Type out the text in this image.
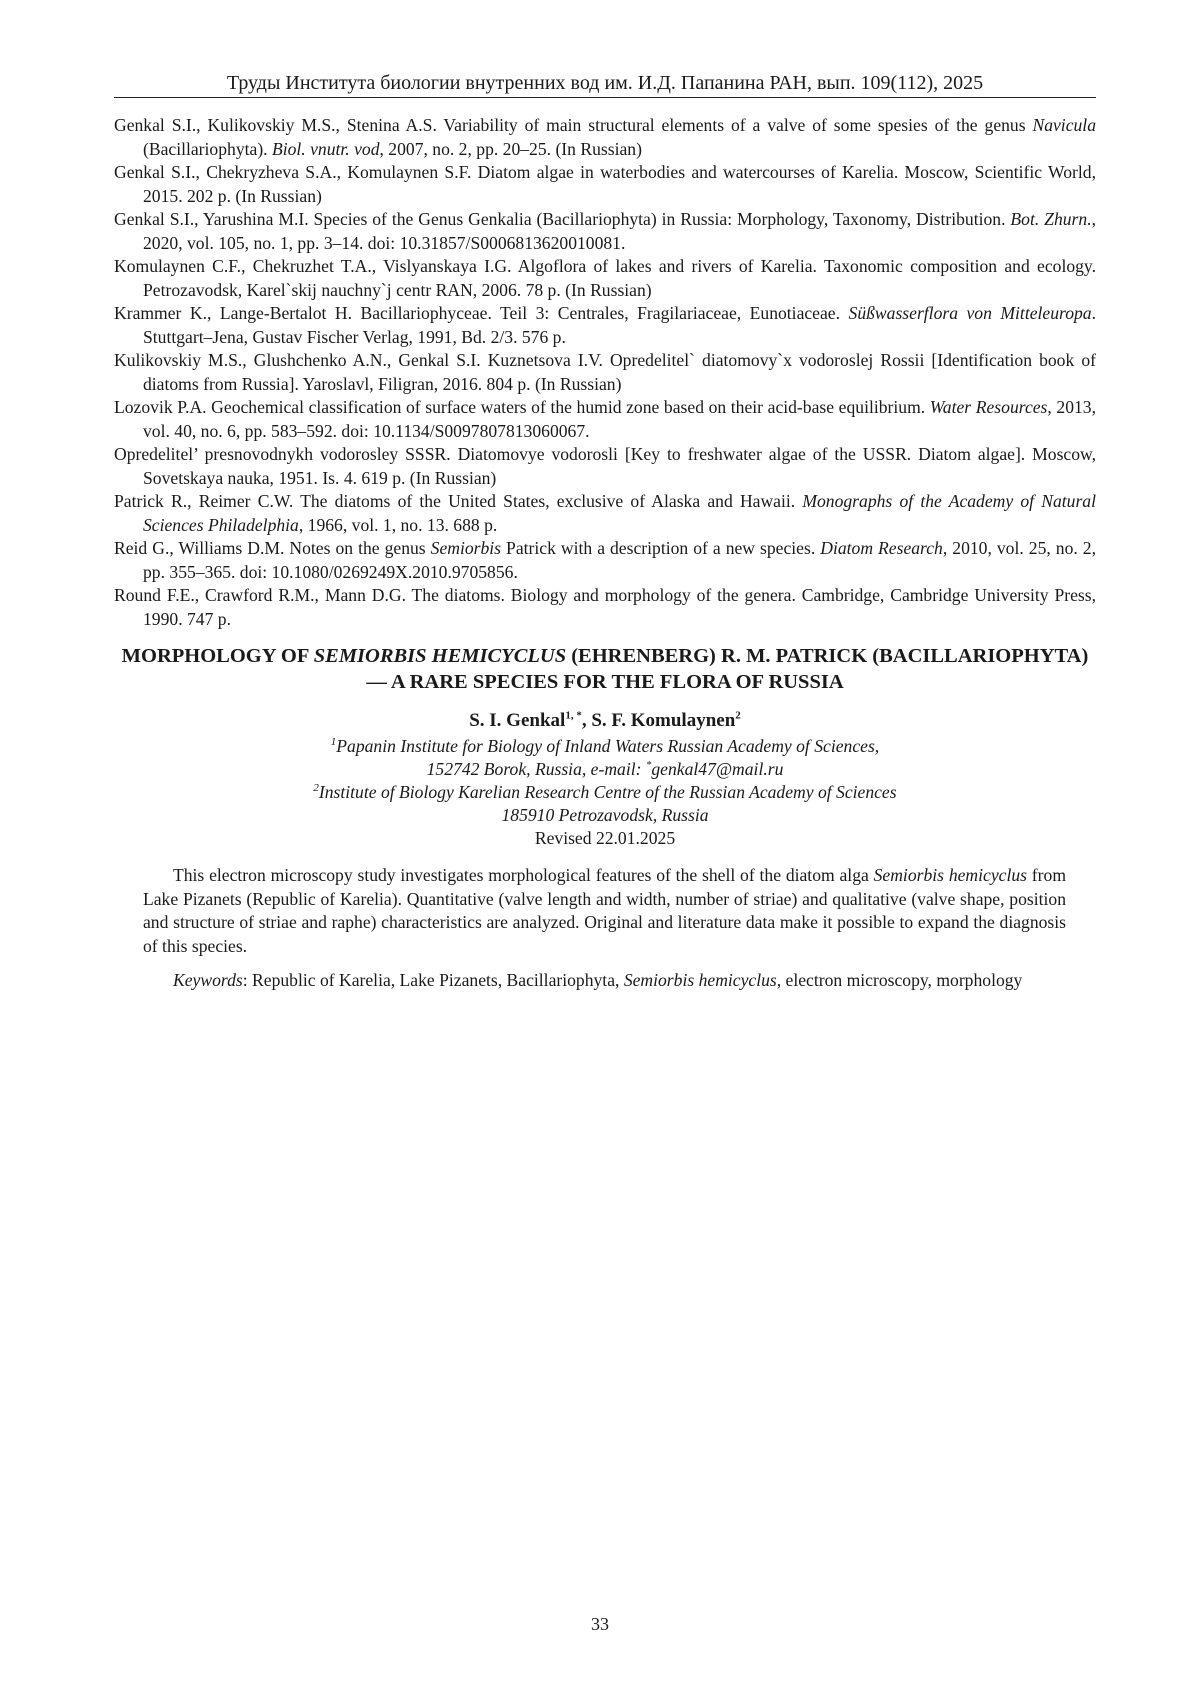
Труды Института биологии внутренних вод им. И.Д. Папанина РАН, вып. 109(112), 2025

Genkal S.I., Kulikovskiy M.S., Stenina A.S. Variability of main structural elements of a valve of some spesies of the genus Navicula (Bacillariophyta). Biol. vnutr. vod, 2007, no. 2, pp. 20–25. (In Russian)

Genkal S.I., Chekryzheva S.A., Komulaynen S.F. Diatom algae in waterbodies and watercourses of Karelia. Moscow, Scientific World, 2015. 202 p. (In Russian)

Genkal S.I., Yarushina M.I. Species of the Genus Genkalia (Bacillariophyta) in Russia: Morphology, Taxonomy, Distribution. Bot. Zhurn., 2020, vol. 105, no. 1, pp. 3–14. doi: 10.31857/S0006813620010081.

Komulaynen C.F., Chekruzhet T.A., Vislyanskaya I.G. Algoflora of lakes and rivers of Karelia. Taxonomic composition and ecology. Petrozavodsk, Karel`skij nauchny`j centr RAN, 2006. 78 p. (In Russian)

Krammer K., Lange-Bertalot H. Bacillariophyceae. Teil 3: Centrales, Fragilariaceae, Eunotiaceae. Süßwasserflora von Mitteleuropa. Stuttgart–Jena, Gustav Fischer Verlag, 1991, Bd. 2/3. 576 p.

Kulikovskiy M.S., Glushchenko A.N., Genkal S.I. Kuznetsova I.V. Opredelitel` diatomovy`x vodoroslej Rossii [Identification book of diatoms from Russia]. Yaroslavl, Filigran, 2016. 804 p. (In Russian)

Lozovik P.A. Geochemical classification of surface waters of the humid zone based on their acid-base equilibrium. Water Resources, 2013, vol. 40, no. 6, pp. 583–592. doi: 10.1134/S0097807813060067.

Opredelitel’ presnovodnykh vodorosley SSSR. Diatomovye vodorosli [Key to freshwater algae of the USSR. Diatom algae]. Moscow, Sovetskaya nauka, 1951. Is. 4. 619 p. (In Russian)

Patrick R., Reimer C.W. The diatoms of the United States, exclusive of Alaska and Hawaii. Monographs of the Academy of Natural Sciences Philadelphia, 1966, vol. 1, no. 13. 688 p.

Reid G., Williams D.M. Notes on the genus Semiorbis Patrick with a description of a new species. Diatom Research, 2010, vol. 25, no. 2, pp. 355–365. doi: 10.1080/0269249X.2010.9705856.

Round F.E., Crawford R.M., Mann D.G. The diatoms. Biology and morphology of the genera. Cambridge, Cambridge University Press, 1990. 747 p.

MORPHOLOGY OF SEMIORBIS HEMICYCLUS (EHRENBERG) R. M. PATRICK (BACILLARIOPHYTA) — A RARE SPECIES FOR THE FLORA OF RUSSIA
S. I. Genkal$^{1, *}$, S. F. Komulaynen$^2$
$^1$Papanin Institute for Biology of Inland Waters Russian Academy of Sciences,
152742 Borok, Russia, e-mail: *genkal47@mail.ru
$^2$Institute of Biology Karelian Research Centre of the Russian Academy of Sciences
185910 Petrozavodsk, Russia
Revised 22.01.2025

This electron microscopy study investigates morphological features of the shell of the diatom alga Semiorbis hemicyclus from Lake Pizanets (Republic of Karelia). Quantitative (valve length and width, number of striae) and qualitative (valve shape, position and structure of striae and raphe) characteristics are analyzed. Original and literature data make it possible to expand the diagnosis of this species.

Keywords: Republic of Karelia, Lake Pizanets, Bacillariophyta, Semiorbis hemicyclus, electron microscopy, morphology

33
